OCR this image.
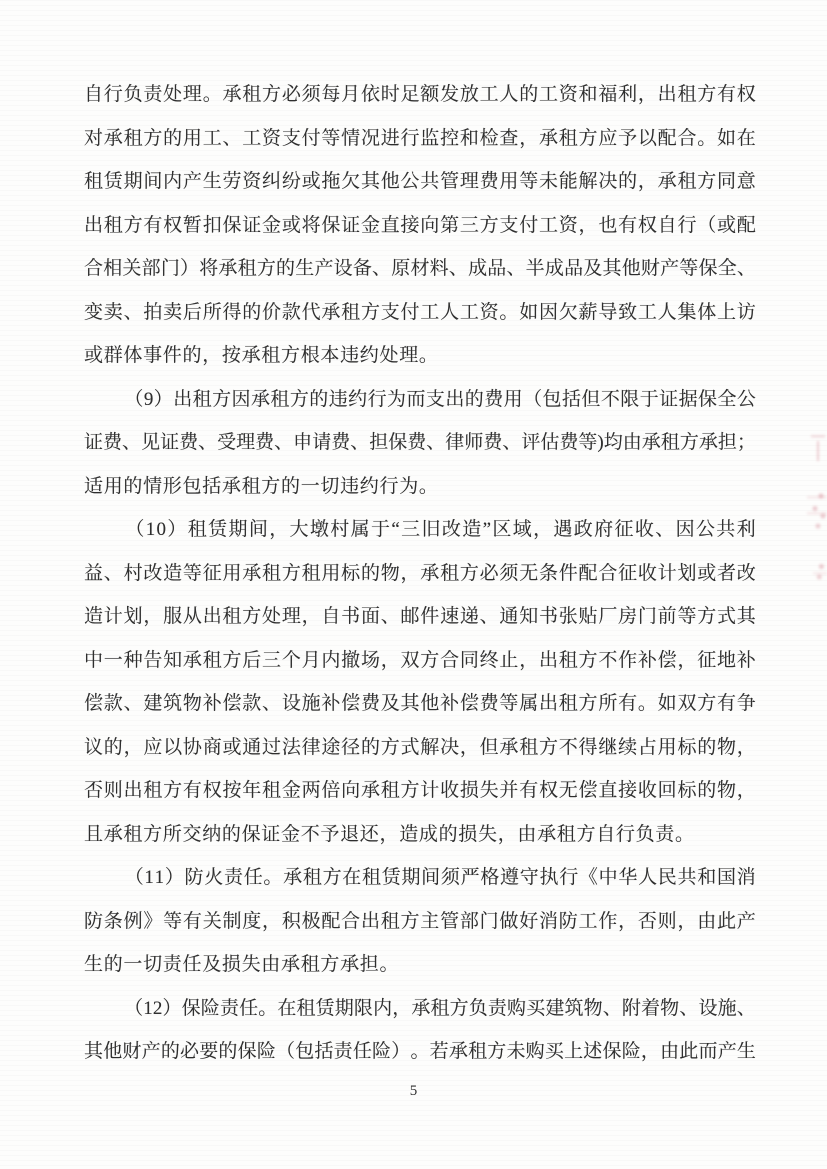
自 行 负 责 处 理 。 承 租 方 必 须 每 月 依 时 足 额 发 放 工 人 的 工 资 和 福 利 ， 出 租 方 有 权
对 承 租 方 的 用 工 、 工 资 支 付 等 情 况 进 行 监 控 和 检 查 ， 承 租 方 应 予 以 配 合 。 如 在
租 赁 期 间 内 产 生 劳 资 纠 纷 或 拖 欠 其 他 公 共 管 理 费 用 等 未 能 解 决 的 ， 承 租 方 同 意
出 租 方 有 权 暂 扣 保 证 金 或 将 保 证 金 直 接 向 第 三 方 支 付 工 资 ， 也 有 权 自 行 （ 或 配
合 相 关 部 门 ） 将 承 租 方 的 生 产 设 备 、 原 材 料 、 成 品 、 半 成 品 及 其 他 财 产 等 保 全 、
变 卖 、 拍 卖 后 所 得 的 价 款 代 承 租 方 支 付 工 人 工 资 。 如 因 欠 薪 导 致 工 人 集 体 上 访
或群体事件的，按承租方根本违约处理。
（ 9 ） 出 租 方 因 承 租 方 的 违 约 行 为 而 支 出 的 费 用 （ 包 括 但 不 限 于 证 据 保 全 公
证 费 、 见 证 费 、 受 理 费 、 申 请 费 、 担 保 费 、 律 师 费 、 评 估 费 等 ) 均 由 承 租 方 承 担 ；
适用的情形包括承租方的一切违约行为。
（ 1 0 ） 租 赁 期 间 ， 大 墩 村 属 于 “ 三 旧 改 造 ” 区 域 ， 遇 政 府 征 收 、 因 公 共 利
益 、 村 改 造 等 征 用 承 租 方 租 用 标 的 物 ， 承 租 方 必 须 无 条 件 配 合 征 收 计 划 或 者 改
造 计 划 ， 服 从 出 租 方 处 理 ， 自 书 面 、 邮 件 速 递 、 通 知 书 张 贴 厂 房 门 前 等 方 式 其
中 一 种 告 知 承 租 方 后 三 个 月 内 撤 场 ， 双 方 合 同 终 止 ， 出 租 方 不 作 补 偿 ， 征 地 补
偿 款 、 建 筑 物 补 偿 款 、 设 施 补 偿 费 及 其 他 补 偿 费 等 属 出 租 方 所 有 。 如 双 方 有 争
议 的 ， 应 以 协 商 或 通 过 法 律 途 径 的 方 式 解 决 ， 但 承 租 方 不 得 继 续 占 用 标 的 物 ，
否 则 出 租 方 有 权 按 年 租 金 两 倍 向 承 租 方 计 收 损 失 并 有 权 无 偿 直 接 收 回 标 的 物 ，
且承租方所交纳的保证金不予退还，造成的损失，由承租方自行负责。
（ 1 1 ） 防 火 责 任 。 承 租 方 在 租 赁 期 间 须 严 格 遵 守 执 行 《 中 华 人 民 共 和 国 消
防 条 例 》 等 有 关 制 度 ， 积 极 配 合 出 租 方 主 管 部 门 做 好 消 防 工 作 ， 否 则 ， 由 此 产
生的一切责任及损失由承租方承担。
（ 1 2 ） 保 险 责 任 。 在 租 赁 期 限 内 ， 承 租 方 负 责 购 买 建 筑 物 、 附 着 物 、 设 施 、
其 他 财 产 的 必 要 的 保 险 （ 包 括 责 任 险 ） 。 若 承 租 方 未 购 买 上 述 保 险 ， 由 此 而 产 生
5
